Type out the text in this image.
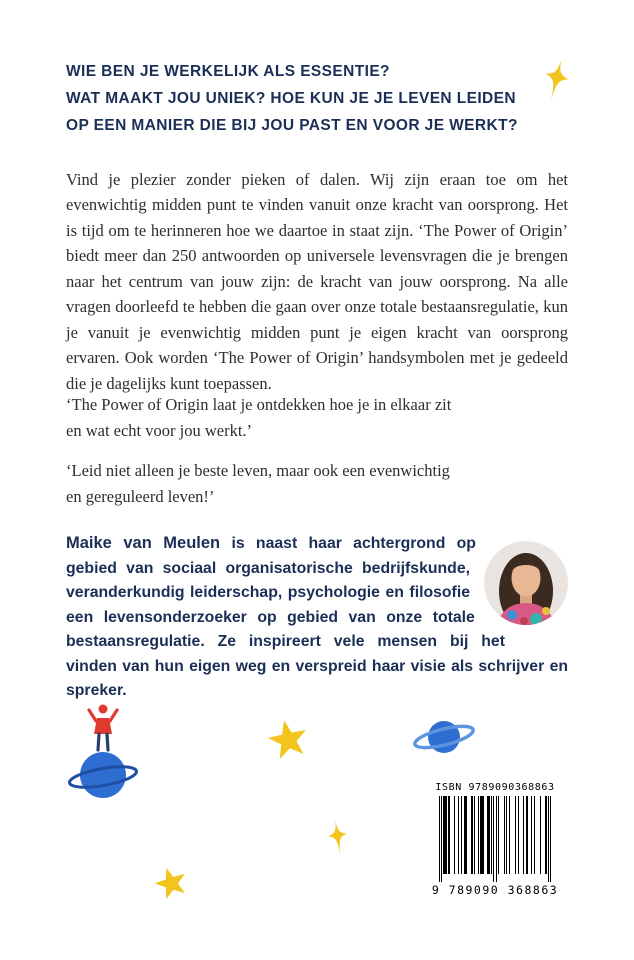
WIE BEN JE WERKELIJK ALS ESSENTIE?
WAT MAAKT JOU UNIEK? HOE KUN JE JE LEVEN LEIDEN
OP EEN MANIER DIE BIJ JOU PAST EN VOOR JE WERKT?

Vind je plezier zonder pieken of dalen. Wij zijn eraan toe om het evenwichtig midden punt te vinden vanuit onze kracht van oorsprong. Het is tijd om te herinneren hoe we daartoe in staat zijn. ‘The Power of Origin’ biedt meer dan 250 antwoorden op universele levensvragen die je brengen naar het centrum van jouw zijn: de kracht van jouw oorsprong. Na alle vragen doorleefd te hebben die gaan over onze totale bestaansregulatie, kun je vanuit je evenwichtig midden punt je eigen kracht van oorsprong ervaren. Ook worden ‘The Power of Origin’ handsymbolen met je gedeeld die je dagelijks kunt toepassen.

‘The Power of Origin laat je ontdekken hoe je in elkaar zit
en wat echt voor jou werkt.’
‘Leid niet alleen je beste leven, maar ook een evenwichtig
en gereguleerd leven!’

Maike van Meulen is naast haar achtergrond op gebied van sociaal organisatorische bedrijfskunde, veranderkundig leiderschap, psychologie en filosofie een levensonderzoeker op gebied van onze totale bestaansregulatie. Ze inspireert vele mensen bij het vinden van hun eigen weg en verspreid haar visie als schrijver en spreker.

ISBN 9789090368863
9 789090 368863
